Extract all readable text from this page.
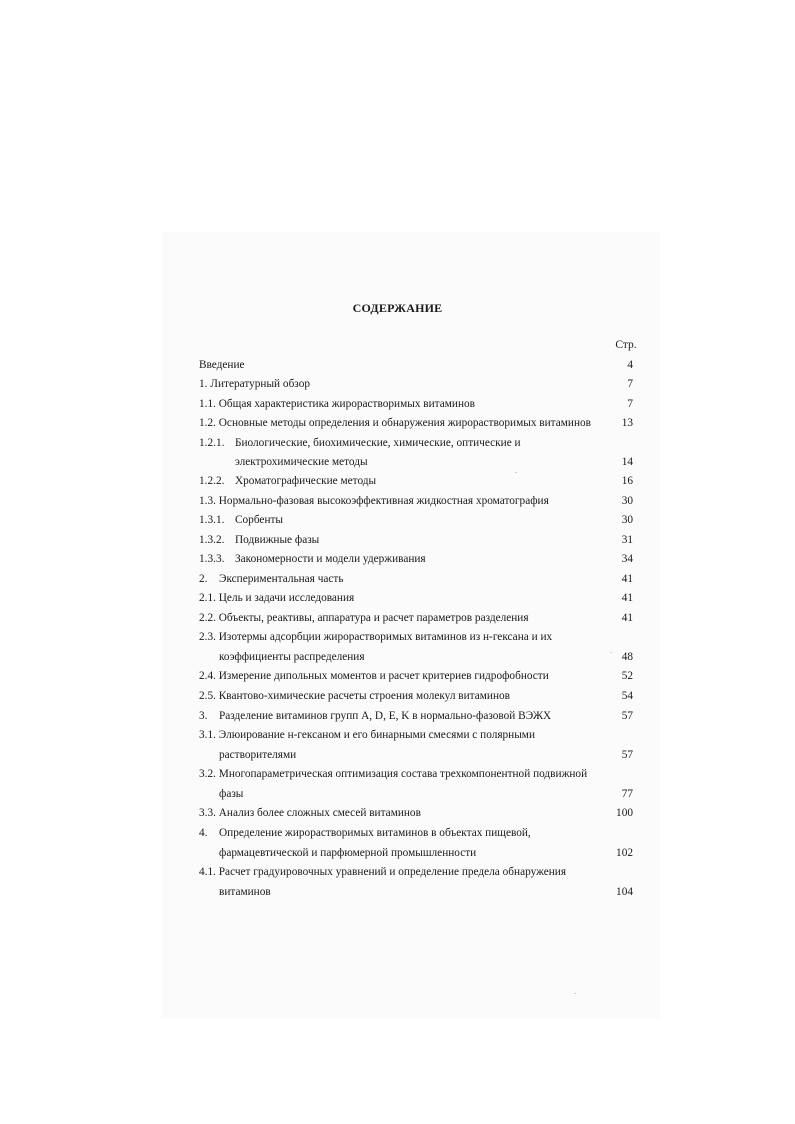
СОДЕРЖАНИЕ
Стр.
Введение	4
1. Литературный обзор	7
1.1. Общая характеристика жирорастворимых витаминов	7
1.2. Основные методы определения и обнаружения жирорастворимых витаминов	13
1.2.1. Биологические, биохимические, химические, оптические и
электрохимические методы	14
1.2.2. Хроматографические методы	16
1.3. Нормально-фазовая высокоэффективная жидкостная хроматография	30
1.3.1. Сорбенты	30
1.3.2. Подвижные фазы	31
1.3.3. Закономерности и модели удерживания	34
2. Экспериментальная часть	41
2.1. Цель и задачи исследования	41
2.2. Объекты, реактивы, аппаратура и расчет параметров разделения	41
2.3. Изотермы адсорбции жирорастворимых витаминов из н-гексана и их
коэффициенты распределения	48
2.4. Измерение дипольных моментов и расчет критериев гидрофобности	52
2.5. Квантово-химические расчеты строения молекул витаминов	54
3. Разделение витаминов групп A, D, E, K в нормально-фазовой ВЭЖХ	57
3.1. Элюирование н-гексаном и его бинарными смесями с полярными
растворителями	57
3.2. Многопараметрическая оптимизация состава трехкомпонентной подвижной
фазы	77
3.3. Анализ более сложных смесей витаминов	100
4. Определение жирорастворимых витаминов в объектах пищевой,
фармацевтической и парфюмерной промышленности	102
4.1. Расчет градуировочных уравнений и определение предела обнаружения
витаминов	104
